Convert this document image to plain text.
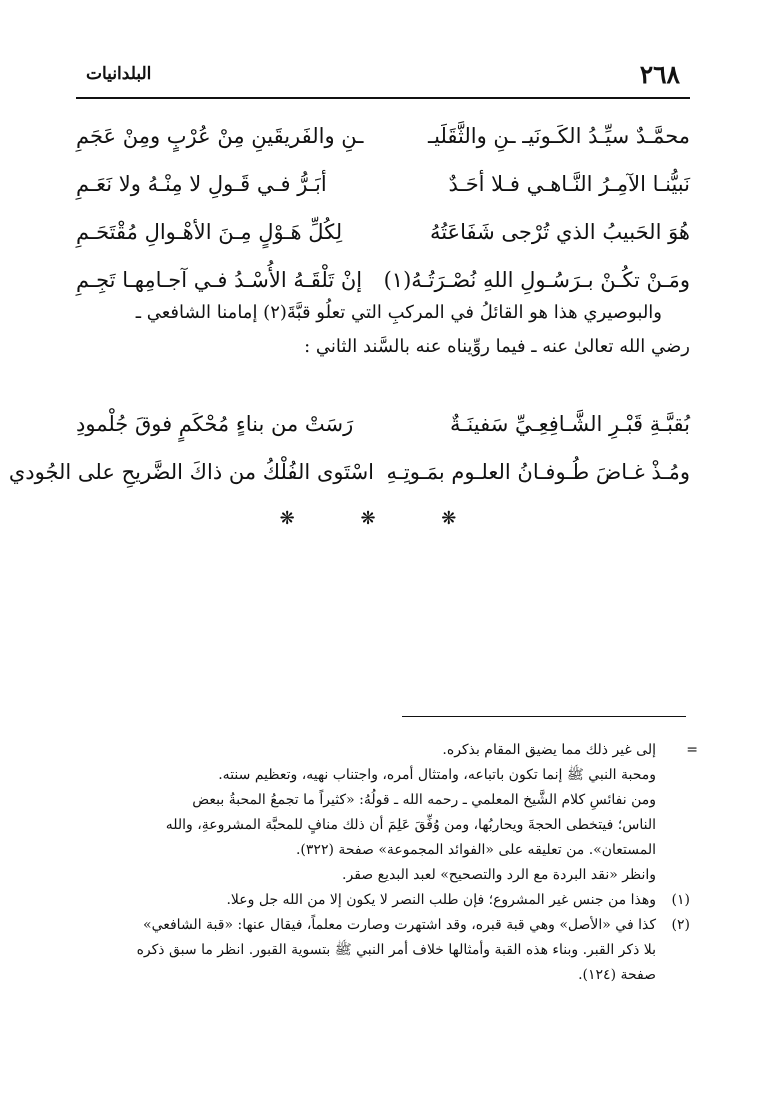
٢٦٨
البلدانيات
محمَّـدٌ سيِّـدُ الكَـونَيـ ـنِ والثَّقَلَيـ
ـنِ والفَريقَينِ مِنْ عُرْبٍ ومِنْ عَجَمِ
نَبيُّنـا الآمِـرُ النَّـاهـي فـلا أحَـدٌ
أبَـرُّ فـي قَـولِ لا مِنْـهُ ولا نَعَـمِ
هُوَ الحَبيبُ الذي تُرْجى شَفَاعَتُهُ
لِكُلِّ هَـوْلٍ مِـنَ الأهْـوالِ مُقْتَحَـمِ
ومَـنْ تكُـنْ بـرَسُـولِ اللهِ نُصْـرَتُـهُ(١)
إنْ تَلْقَـهُ الأُسْـدُ فـي آجـامِهـا تَجِـمِ

والبوصيري هذا هو القائلُ في المركبِ التي تعلُو قبَّةَ(٢) إمامنا الشافعي ـ

رضي الله تعالىٰ عنه ـ فيما روِّيناه عنه بالسَّند الثاني :

بُقبَّـةِ قَبْـرِ الشَّـافِعِـيِّ سَفينَـةٌ
رَسَتْ من بناءٍ مُحْكَمٍ فوقَ جُلْمودِ
ومُـذْ غـاضَ طُـوفـانُ العلـوم بمَـوتِـهِ
اسْتَوى الفُلْكُ من ذاكَ الضَّريحِ على الجُودي
❋ ❋ ❋

=
إلى غير ذلك مما يضيق المقام بذكره.

ومحبة النبي ﷺ إنما تكون باتباعه، وامتثال أمره، واجتناب نهيه، وتعظيم سنته.

ومن نفائسِ كلام الشَّيخ المعلمي ـ رحمه الله ـ قولُهُ: «كثيراً ما تجمعُ المحبةُ ببعض

الناس؛ فيتخطى الحجةَ ويحاربُها، ومن وُفِّقَ عَلِمَ أن ذلك منافٍ للمحبَّة المشروعةِ، والله

المستعان». من تعليقه على «الفوائد المجموعة» صفحة (٣٢٢).

وانظر «نقد البردة مع الرد والتصحيح» لعبد البديع صقر.

(١)
وهذا من جنس غير المشروع؛ فإن طلب النصر لا يكون إلا من الله جل وعلا.

(٢)
كذا في «الأصل» وهي قبة قبره، وقد اشتهرت وصارت معلماً، فيقال عنها: «قبة الشافعي»

بلا ذكر القبر. وبناء هذه القبة وأمثالها خلاف أمر النبي ﷺ بتسوية القبور. انظر ما سبق ذكره

صفحة (١٢٤).
